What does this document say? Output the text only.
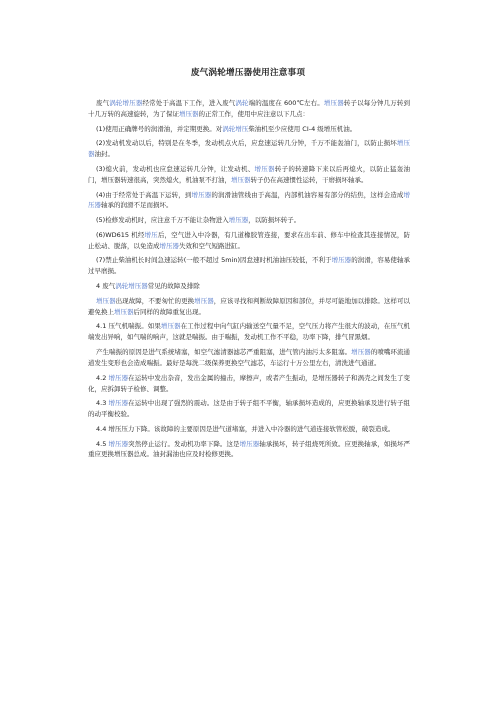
废气涡轮增压器使用注意事项

废气涡轮增压器经常处于高温下工作，进入废气涡轮端的温度在 600℃左右。增压器转子以每分钟几万转到十几万转的高速旋转，为了保证增压器的正常工作，使用中应注意以下几点：

(1)使用正确牌号的润滑油，并定期更换。对涡轮增压柴油机至少应使用 CI-4 级增压机油。

(2)发动机发动以后，特别是在冬季，发动机点火后，应怠速运转几分钟，千万不能轰油门，以防止损坏增压器油封。

(3)熄火前，发动机也应怠速运转几分钟，让发动机、增压器转子的转速降下来以后再熄火，以防止猛轰油门，增压器转速很高，突然熄火，机油泵不打油，增压器转子仍在高速惯性运转，干磨损坏轴承。

(4)由于经常处于高温下运转，到增压器的润滑油管线由于高温，内部机油容易有部分的结焦，这样会造成增压器轴承的润滑不足而损坏。

(5)检修发动机时，应注意千万不能让杂物进入增压器，以防损坏转子。

(6)WD615 机经增压后，空气进入中冷器，有几道橡胶管连接，要求在出车前、修车中检查其连接情况，防止松动、脱落，以免造成增压器失效和空气短路进缸。

(7)禁止柴油机长时间急速运转(一般不超过 5min)因怠速时机油油压较低，不利于增压器的润滑，容易使轴承过早磨损。

4 废气涡轮增压器常见的故障及排除

增压器出现故障，不要匆忙的更换增压器，应该寻找和判断故障原因和部位，并尽可能地加以排除。这样可以避免换上增压器后同样的故障重复出现。

4.1 压气机喘振。如果增压器在工作过程中向气缸内输送空气量不足，空气压力将产生很大的波动，在压气机端发出异响，如气喘的响声，这就是喘振。由于喘振，发动机工作不平稳，功率下降，排气冒黑烟。

产生喘振的原因是进气系统堵塞，如空气滤清器滤芯严重阻塞，进气管内油污太多阻塞。增压器的喷嘴环流通道发生变形也会造成喘振。最好是每洗二级保养更换空气滤芯，车运行十万公里左右，清洗进气通道。

4.2 增压器在运转中发出杂音，发出金属的撞击，摩擦声，或者产生振动，是增压器转子和涡壳之间发生了变化，应拆卸转子检修、调整。

4.3 增压器在运转中出现了强烈的震动。这是由于转子组不平衡，轴承损坏造成的，应更换轴承及进行转子组的动平衡校验。

4.4 增压压力下降。该故障的主要原因是进气道堵塞，并进入中冷器的进气道连接软管松脱，破裂造成。

4.5 增压器突然停止运行。发动机功率下降。这是增压器轴承损坏，转子组烧死所致。应更换轴承，如损坏严重应更换增压器总成。油封漏油也应及时检修更换。
